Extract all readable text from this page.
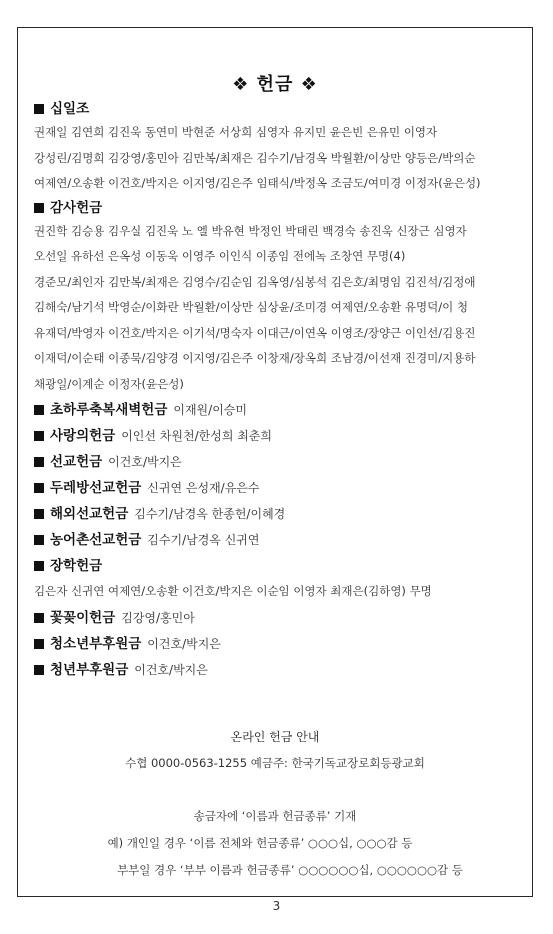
❖ 헌금 ❖
십일조
권재일 김연희 김진욱 동연미 박현준 서상희 심영자 유지민 윤은빈 은유민 이영자
강성린/김명희 김강영/홍민아 김만복/최재은 김수기/남경옥 박월환/이상만 양등은/박의순
여제연/오송환 이건호/박지은 이지영/김은주 임태식/박정옥 조금도/여미경 이정자(윤은성)
감사헌금
권진학 김승용 김우실 김진욱 노 엘 박유현 박정인 박태린 백경숙 송진욱 신장근 심영자
오선일 유하선 은옥성 이동욱 이영주 이인식 이종임 전에녹 조창연 무명(4)
경준모/최인자 김만복/최재은 김영수/김순임 김옥영/심봉석 김은호/최명임 김진석/김정애
김해숙/남기석 박영순/이화란 박월환/이상만 심상윤/조미경 여제연/오송환 유명덕/이 청
유재덕/박영자 이건호/박지은 이기석/명숙자 이대근/이연옥 이영조/장양근 이인선/김용진
이재덕/이순태 이종묵/김양경 이지영/김은주 이창재/장옥희 조남경/이선재 진경미/지용하
채광일/이계순 이정자(윤은성)
초하루축복새벽헌금 이재원/이승미
사랑의헌금 이인선 차원천/한성희 최춘희
선교헌금 이건호/박지은
두레방선교헌금 신귀연 은성재/유은수
해외선교헌금 김수기/남경옥 한종헌/이혜경
농어촌선교헌금 김수기/남경옥 신귀연
장학헌금
김은자 신귀연 여제연/오송환 이건호/박지은 이순임 이영자 최재은(김하영) 무명
꽃꽂이헌금 김강영/홍민아
청소년부후원금 이건호/박지은
청년부후원금 이건호/박지은
온라인 헌금 안내
수협 0000-0563-1255 예금주: 한국기독교장로회등광교회
송금자에 ‘이름과 헌금종류’ 기재
예) 개인일 경우 ‘이름 전체와 헌금종류’ ○○○십, ○○○감 등
부부일 경우 ‘부부 이름과 헌금종류’ ○○○○○○십, ○○○○○○감 등
3
